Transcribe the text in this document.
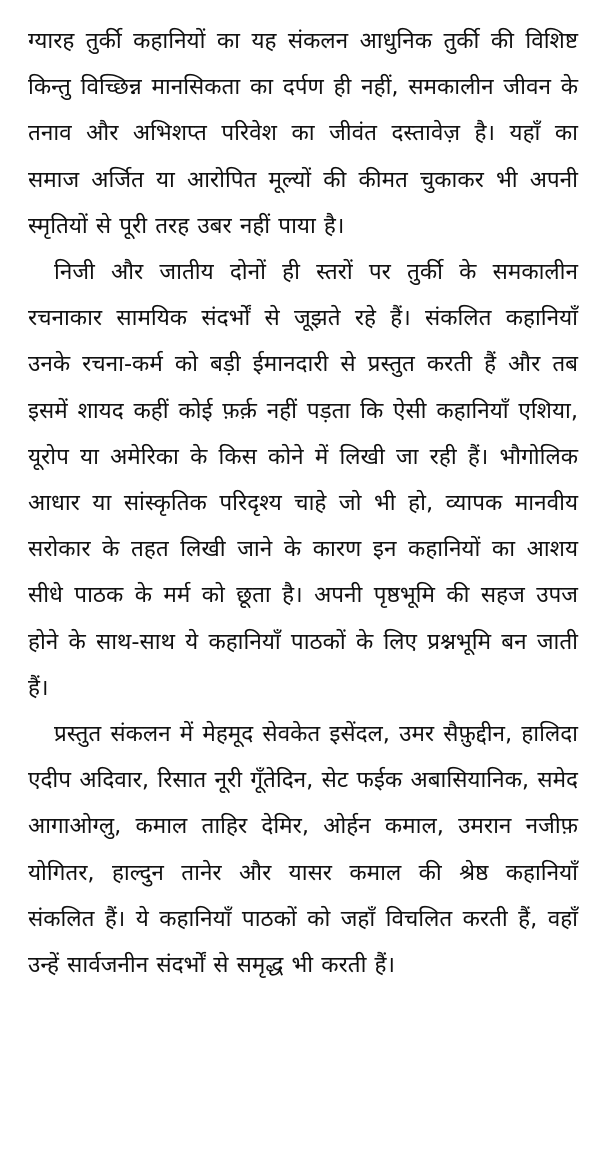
ग्यारह तुर्की कहानियों का यह संकलन आधुनिक तुर्की की विशिष्ट किन्तु विच्छिन्न मानसिकता का दर्पण ही नहीं, समकालीन जीवन के तनाव और अभिशप्त परिवेश का जीवंत दस्तावेज़ है। यहाँ का समाज अर्जित या आरोपित मूल्यों की कीमत चुकाकर भी अपनी स्मृतियों से पूरी तरह उबर नहीं पाया है।

निजी और जातीय दोनों ही स्तरों पर तुर्की के समकालीन रचनाकार सामयिक संदर्भों से जूझते रहे हैं। संकलित कहानियाँ उनके रचना-कर्म को बड़ी ईमानदारी से प्रस्तुत करती हैं और तब इसमें शायद कहीं कोई फ़र्क़ नहीं पड़ता कि ऐसी कहानियाँ एशिया, यूरोप या अमेरिका के किस कोने में लिखी जा रही हैं। भौगोलिक आधार या सांस्कृतिक परिदृश्य चाहे जो भी हो, व्यापक मानवीय सरोकार के तहत लिखी जाने के कारण इन कहानियों का आशय सीधे पाठक के मर्म को छूता है। अपनी पृष्ठभूमि की सहज उपज होने के साथ-साथ ये कहानियाँ पाठकों के लिए प्रश्नभूमि बन जाती हैं।

प्रस्तुत संकलन में मेहमूद सेवकेत इसेंदल, उमर सैफ़ुद्दीन, हालिदा एदीप अदिवार, रिसात नूरी गूँतेदिन, सेट फईक अबासियानिक, समेद आगाओग्लु, कमाल ताहिर देमिर, ओर्हन कमाल, उमरान नजीफ़ योगितर, हाल्दुन तानेर और यासर कमाल की श्रेष्ठ कहानियाँ संकलित हैं। ये कहानियाँ पाठकों को जहाँ विचलित करती हैं, वहाँ उन्हें सार्वजनीन संदर्भों से समृद्ध भी करती हैं।
